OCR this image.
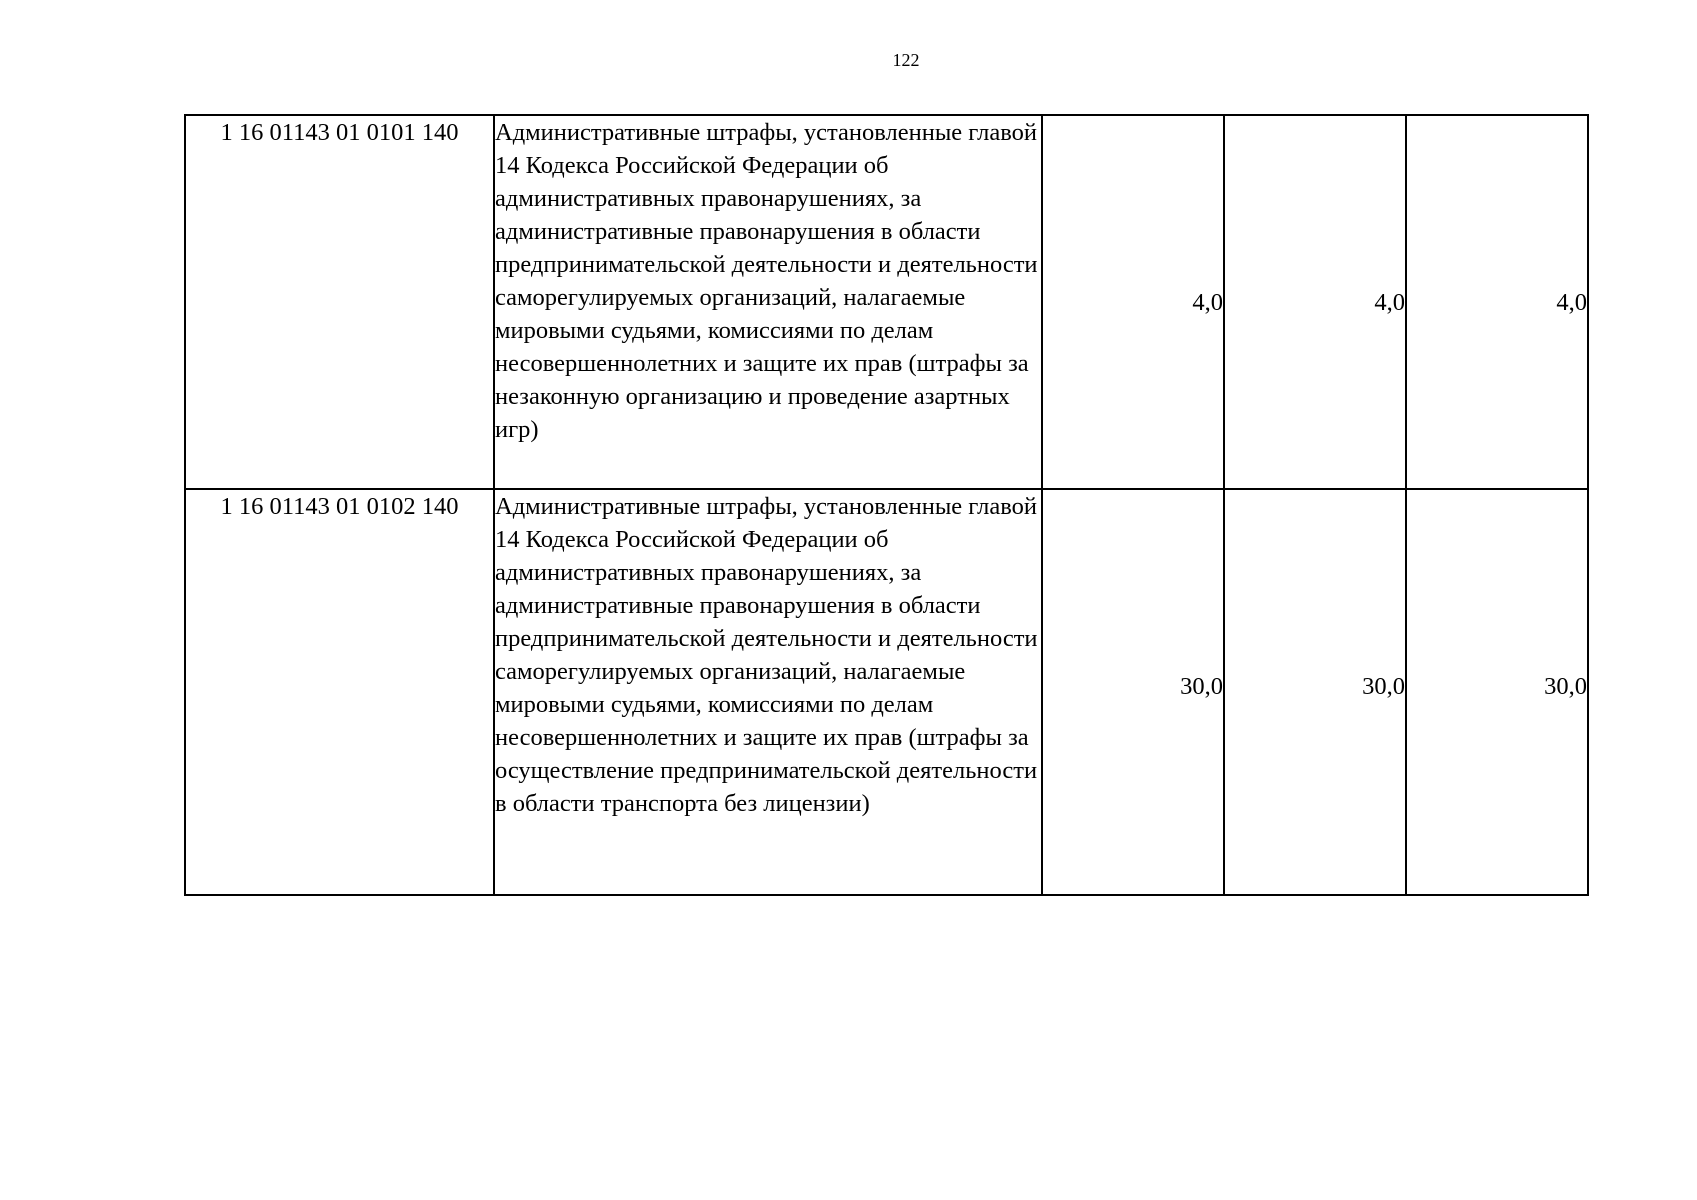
122
1 16 01143 01 0101 140	Административные штрафы, установленные главой 14 Кодекса Российской Федерации об административных правонарушениях, за административные правонарушения в области предпринимательской деятельности и деятельности саморегулируемых организаций, налагаемые мировыми судьями, комиссиями по делам несовершеннолетних и защите их прав (штрафы за незаконную организацию и проведение азартных игр)	4,0	4,0	4,0
1 16 01143 01 0102 140	Административные штрафы, установленные главой 14 Кодекса Российской Федерации об административных правонарушениях, за административные правонарушения в области предпринимательской деятельности и деятельности саморегулируемых организаций, налагаемые мировыми судьями, комиссиями по делам несовершеннолетних и защите их прав (штрафы за осуществление предпринимательской деятельности в области транспорта без лицензии)	30,0	30,0	30,0
